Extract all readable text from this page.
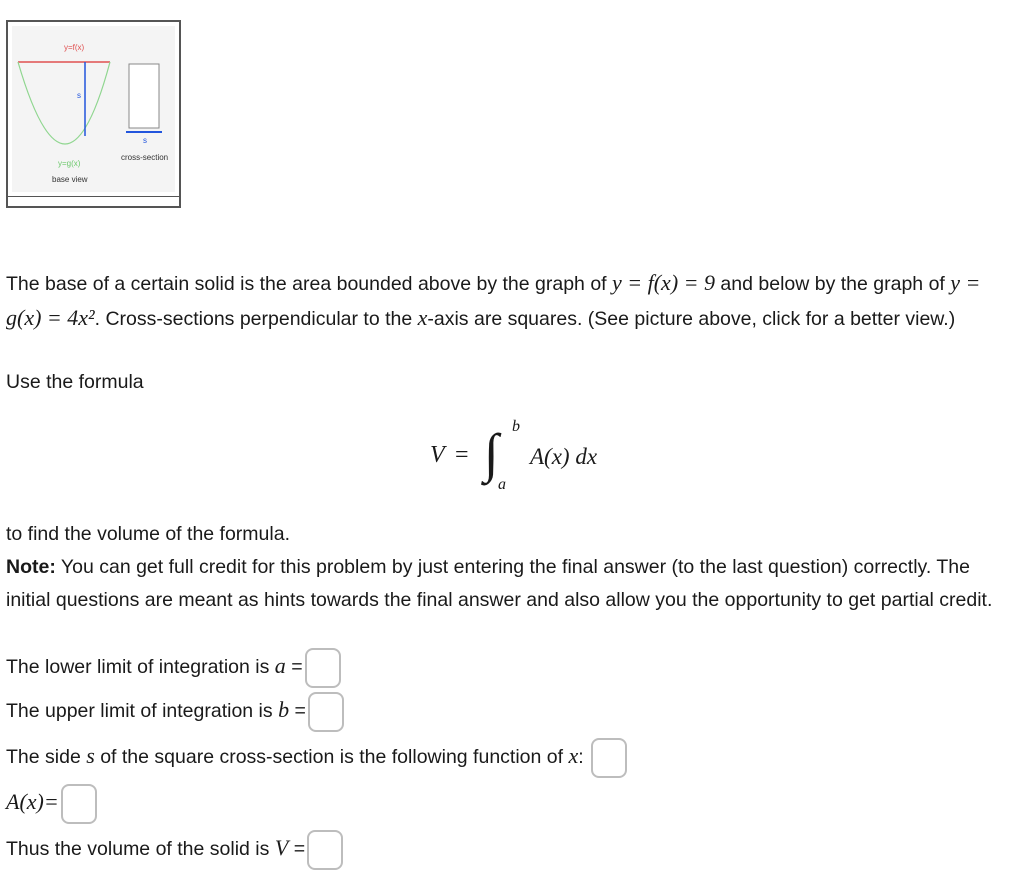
y=f(x)
s
y=g(x)
base view
s
cross-section
The base of a certain solid is the area bounded above by the graph of y = f(x) = 9 and below by the graph of y = g(x) = 4x². Cross-sections perpendicular to the x-axis are squares. (See picture above, click for a better view.)
Use the formula
V = ∫ b
a
A(x) dx
to find the volume of the formula.
Note: You can get full credit for this problem by just entering the final answer (to the last question) correctly. The initial questions are meant as hints towards the final answer and also allow you the opportunity to get partial credit.
The lower limit of integration is a =
The upper limit of integration is b =
The side s of the square cross-section is the following function of x:
A(x)=
Thus the volume of the solid is V =
